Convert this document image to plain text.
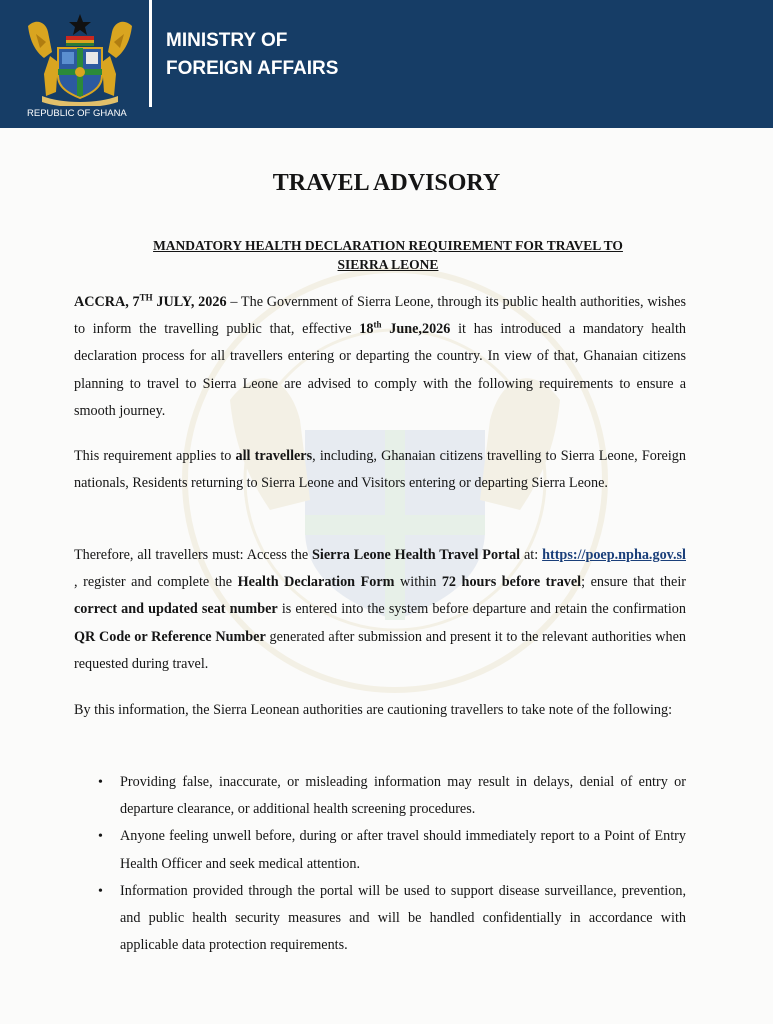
REPUBLIC OF GHANA
MINISTRY OF
FOREIGN AFFAIRS
TRAVEL ADVISORY
MANDATORY HEALTH DECLARATION REQUIREMENT FOR TRAVEL TO
SIERRA LEONE

ACCRA, 7TH JULY, 2026 – The Government of Sierra Leone, through its public health authorities, wishes to inform the travelling public that, effective 18th June,2026 it has introduced a mandatory health declaration process for all travellers entering or departing the country. In view of that, Ghanaian citizens planning to travel to Sierra Leone are advised to comply with the following requirements to ensure a smooth journey.

This requirement applies to all travellers, including, Ghanaian citizens travelling to Sierra Leone, Foreign nationals, Residents returning to Sierra Leone and Visitors entering or departing Sierra Leone.

Therefore, all travellers must: Access the Sierra Leone Health Travel Portal at: https://poep.npha.gov.sl , register and complete the Health Declaration Form within 72 hours before travel; ensure that their correct and updated seat number is entered into the system before departure and retain the confirmation QR Code or Reference Number generated after submission and present it to the relevant authorities when requested during travel.

By this information, the Sierra Leonean authorities are cautioning travellers to take note of the following:

• Providing false, inaccurate, or misleading information may result in delays, denial of entry or departure clearance, or additional health screening procedures.
• Anyone feeling unwell before, during or after travel should immediately report to a Point of Entry Health Officer and seek medical attention.
• Information provided through the portal will be used to support disease surveillance, prevention, and public health security measures and will be handled confidentially in accordance with applicable data protection requirements.
